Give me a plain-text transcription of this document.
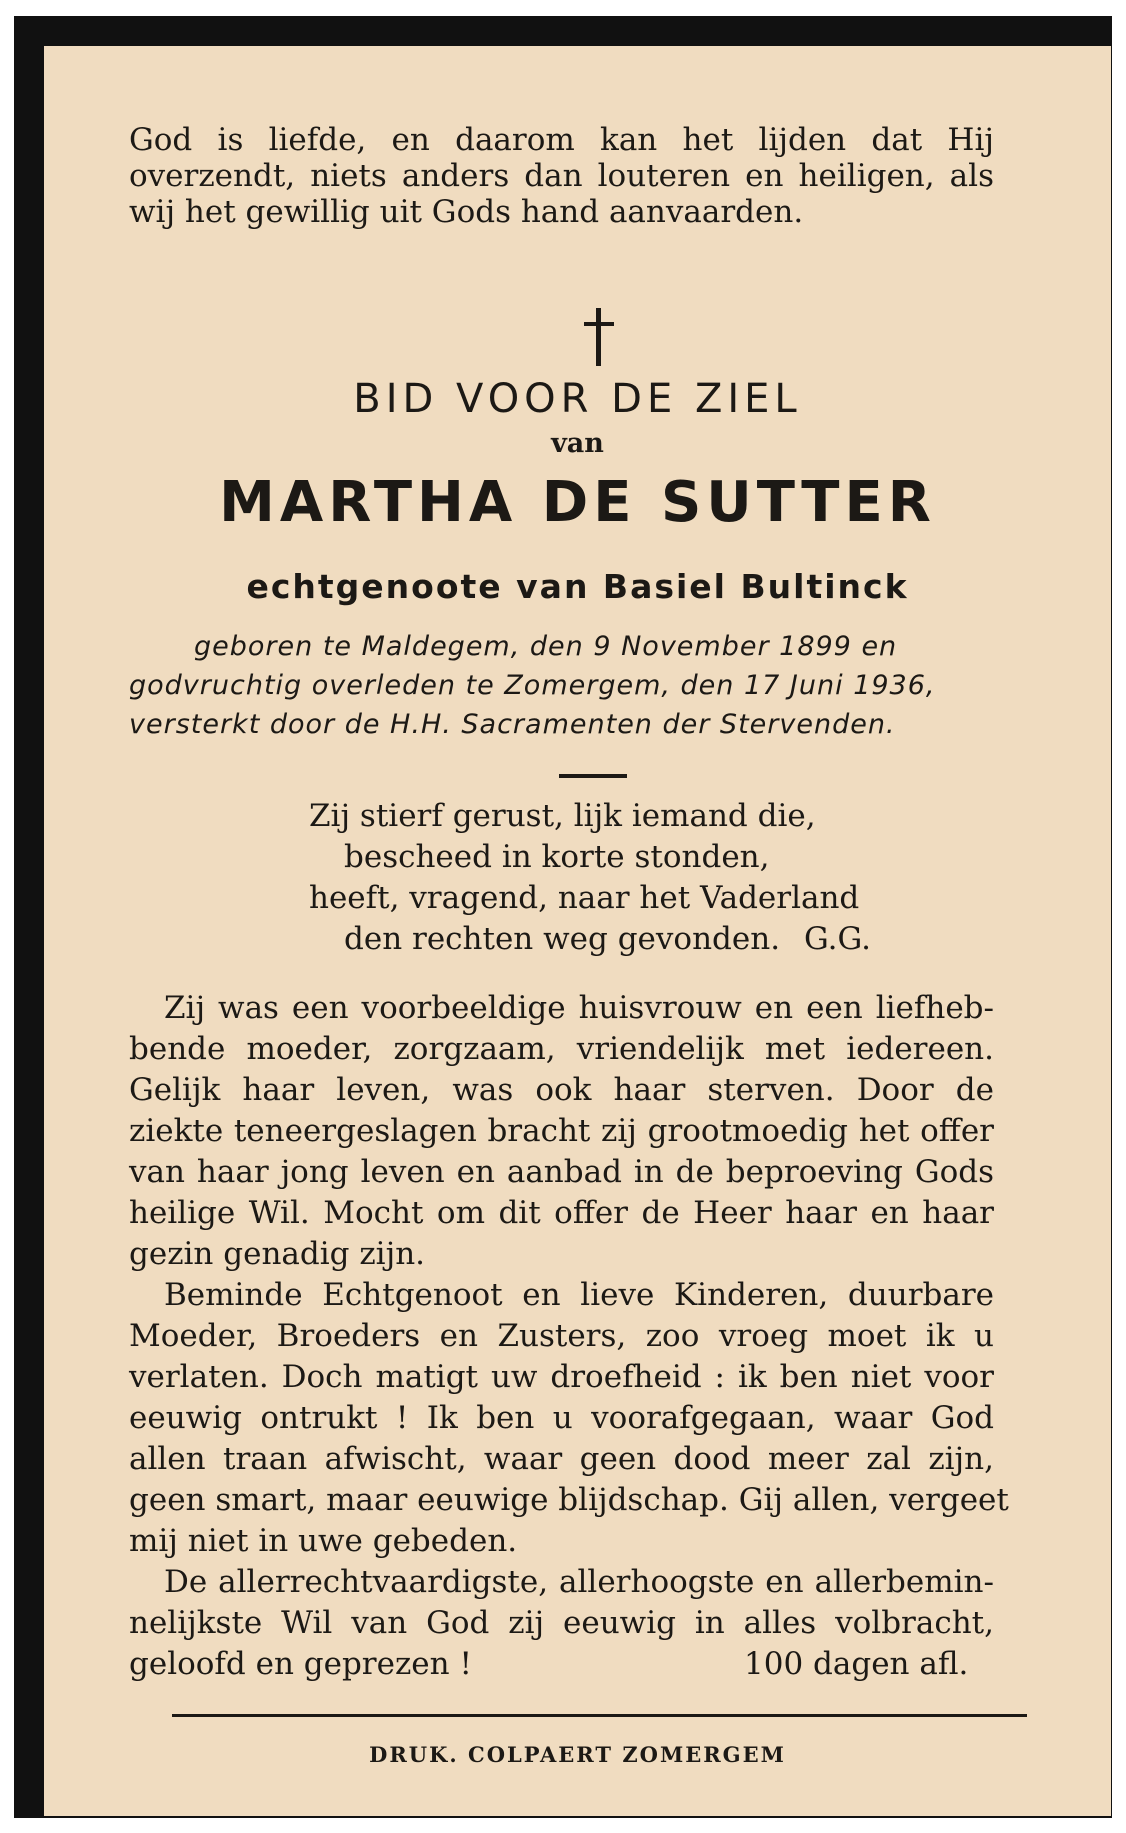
God is liefde, en daarom kan het lijden dat Hij

overzendt, niets anders dan louteren en heiligen, als

wij het gewillig uit Gods hand aanvaarden.

BID VOOR DE ZIEL

van

MARTHA DE SUTTER

echtgenoote van Basiel Bultinck

geboren te Maldegem, den 9 November 1899 en

godvruchtig overleden te Zomergem, den 17 Juni 1936,

versterkt door de H.H. Sacramenten der Stervenden.

Zij stierf gerust, lijk iemand die,

bescheed in korte stonden,

heeft, vragend, naar het Vaderland

den rechten weg gevonden. G.G.

Zij was een voorbeeldige huisvrouw en een liefheb-

bende moeder, zorgzaam, vriendelijk met iedereen.

Gelijk haar leven, was ook haar sterven. Door de

ziekte teneergeslagen bracht zij grootmoedig het offer

van haar jong leven en aanbad in de beproeving Gods

heilige Wil. Mocht om dit offer de Heer haar en haar

gezin genadig zijn.

Beminde Echtgenoot en lieve Kinderen, duurbare

Moeder, Broeders en Zusters, zoo vroeg moet ik u

verlaten. Doch matigt uw droefheid : ik ben niet voor

eeuwig ontrukt ! Ik ben u voorafgegaan, waar God

allen traan afwischt, waar geen dood meer zal zijn,

geen smart, maar eeuwige blijdschap. Gij allen, vergeet

mij niet in uwe gebeden.

De allerrechtvaardigste, allerhoogste en allerbemin-

nelijkste Wil van God zij eeuwig in alles volbracht,

geloofd en geprezen !	100 dagen afl.

DRUK. COLPAERT ZOMERGEM
